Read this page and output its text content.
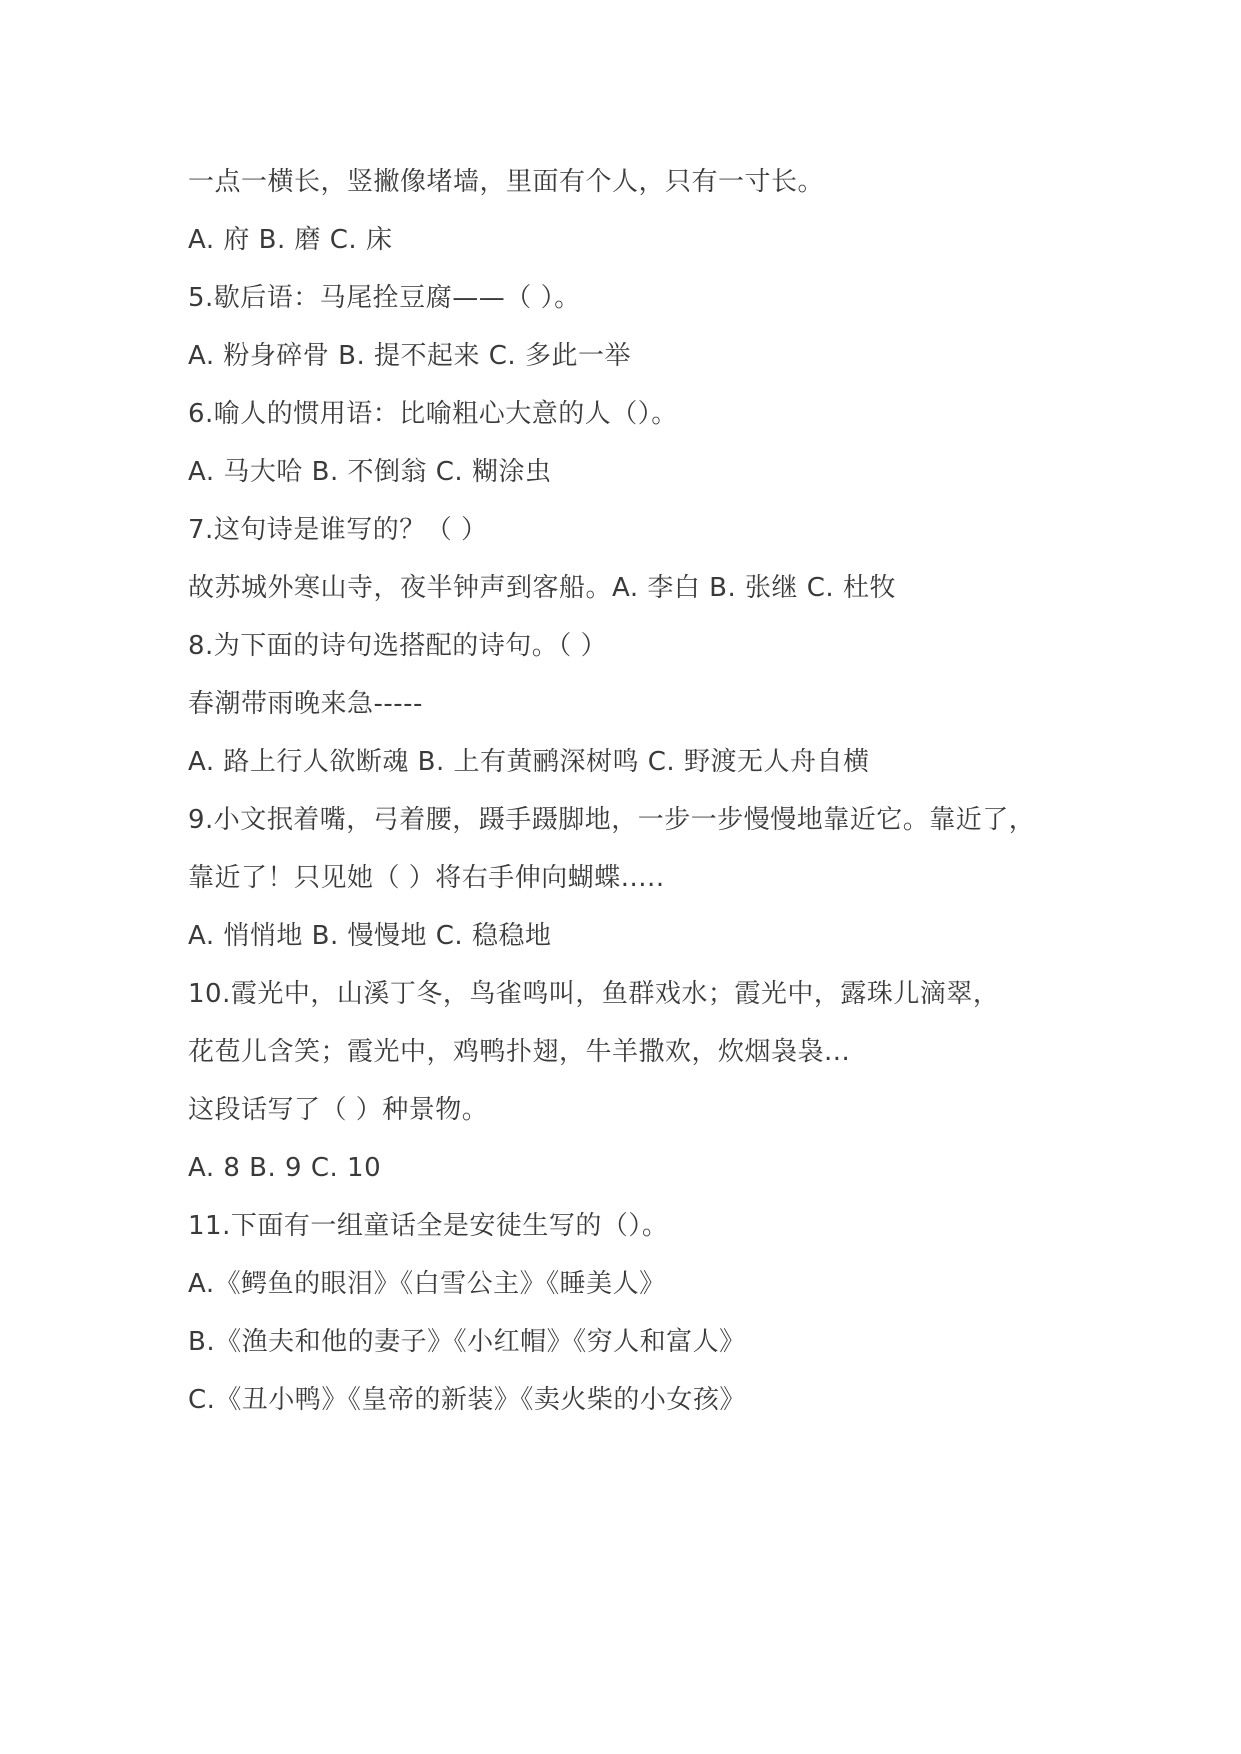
一点一横长，竖撇像堵墙，里面有个人，只有一寸长。
A. 府 B. 磨 C. 床
5.歇后语：马尾拴豆腐——（ ）。
A. 粉身碎骨 B. 提不起来 C. 多此一举
6.喻人的惯用语：比喻粗心大意的人（）。
A. 马大哈 B. 不倒翁 C. 糊涂虫
7.这句诗是谁写的？（ ）
故苏城外寒山寺，夜半钟声到客船。A. 李白 B. 张继 C. 杜牧
8.为下面的诗句选搭配的诗句。（ ）
春潮带雨晚来急-----
A. 路上行人欲断魂 B. 上有黄鹂深树鸣 C. 野渡无人舟自横
9.小文抿着嘴，弓着腰，蹑手蹑脚地，一步一步慢慢地靠近它。靠近了，
靠近了！只见她（ ）将右手伸向蝴蝶.....
A. 悄悄地 B. 慢慢地 C. 稳稳地
10.霞光中，山溪丁冬，鸟雀鸣叫，鱼群戏水；霞光中，露珠儿滴翠，
花苞儿含笑；霞光中，鸡鸭扑翅，牛羊撒欢，炊烟袅袅...
这段话写了（ ）种景物。
A. 8 B. 9 C. 10
11.下面有一组童话全是安徒生写的（）。
A.《鳄鱼的眼泪》《白雪公主》《睡美人》
B.《渔夫和他的妻子》《小红帽》《穷人和富人》
C.《丑小鸭》《皇帝的新装》《卖火柴的小女孩》
